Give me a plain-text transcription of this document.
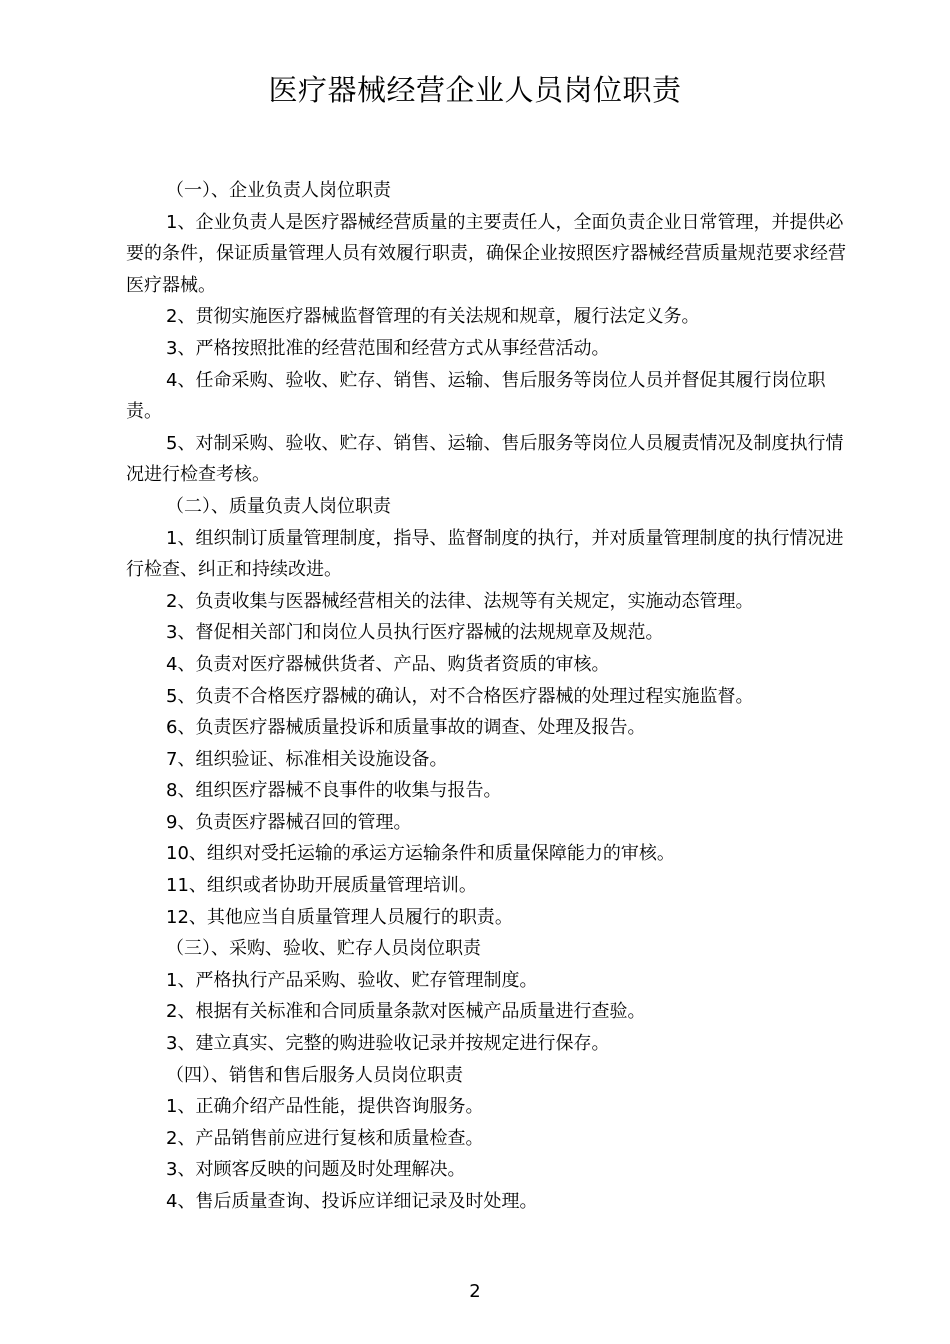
医疗器械经营企业人员岗位职责

（一）、企业负责人岗位职责

1、企业负责人是医疗器械经营质量的主要责任人，全面负责企业日常管理，并提供必要的条件，保证质量管理人员有效履行职责，确保企业按照医疗器械经营质量规范要求经营医疗器械。

2、贯彻实施医疗器械监督管理的有关法规和规章，履行法定义务。

3、严格按照批准的经营范围和经营方式从事经营活动。

4、任命采购、验收、贮存、销售、运输、售后服务等岗位人员并督促其履行岗位职责。

5、对制采购、验收、贮存、销售、运输、售后服务等岗位人员履责情况及制度执行情况进行检查考核。

（二）、质量负责人岗位职责

1、组织制订质量管理制度，指导、监督制度的执行，并对质量管理制度的执行情况进行检查、纠正和持续改进。

2、负责收集与医器械经营相关的法律、法规等有关规定，实施动态管理。

3、督促相关部门和岗位人员执行医疗器械的法规规章及规范。

4、负责对医疗器械供货者、产品、购货者资质的审核。

5、负责不合格医疗器械的确认，对不合格医疗器械的处理过程实施监督。

6、负责医疗器械质量投诉和质量事故的调查、处理及报告。

7、组织验证、标准相关设施设备。

8、组织医疗器械不良事件的收集与报告。

9、负责医疗器械召回的管理。

10、组织对受托运输的承运方运输条件和质量保障能力的审核。

11、组织或者协助开展质量管理培训。

12、其他应当自质量管理人员履行的职责。

（三）、采购、验收、贮存人员岗位职责

1、严格执行产品采购、验收、贮存管理制度。

2、根据有关标准和合同质量条款对医械产品质量进行查验。

3、建立真实、完整的购进验收记录并按规定进行保存。

（四）、销售和售后服务人员岗位职责

1、正确介绍产品性能，提供咨询服务。

2、产品销售前应进行复核和质量检查。

3、对顾客反映的问题及时处理解决。

4、售后质量查询、投诉应详细记录及时处理。

2
